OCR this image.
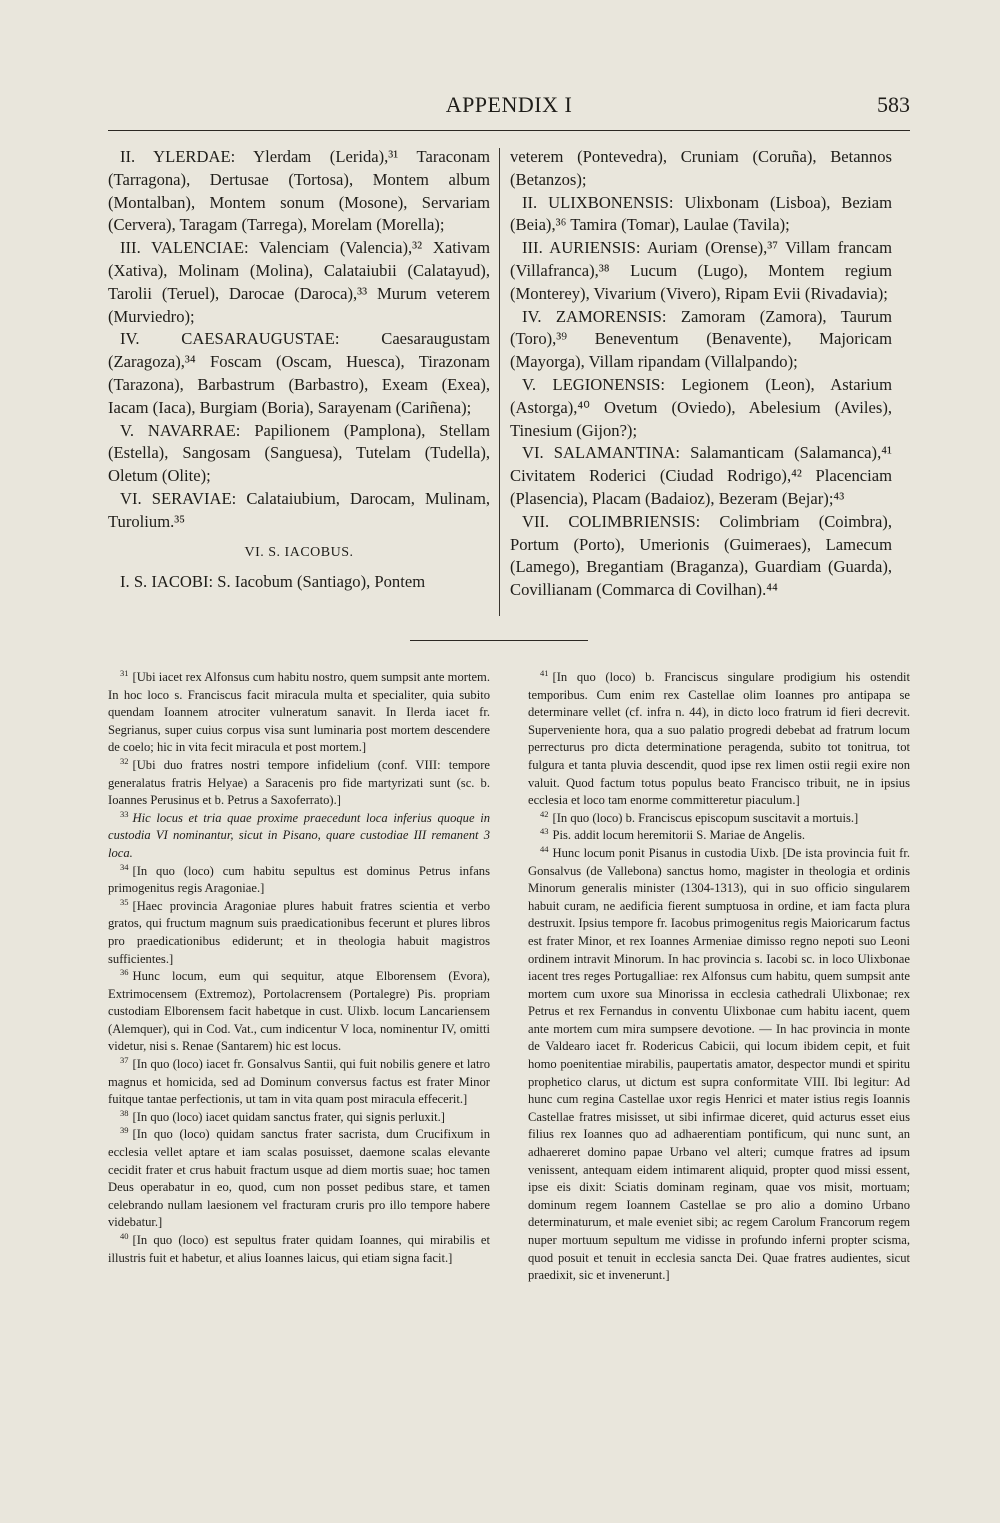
APPENDIX I	583

II. YLERDAE: Ylerdam (Lerida),³¹ Taraconam (Tarragona), Dertusae (Tortosa), Montem album (Montalban), Montem sonum (Mosone), Servariam (Cervera), Taragam (Tarrega), Morelam (Morella);

III. VALENCIAE: Valenciam (Valencia),³² Xativam (Xativa), Molinam (Molina), Calataiubii (Calatayud), Tarolii (Teruel), Darocae (Daroca),³³ Murum veterem (Murviedro);

IV. CAESARAUGUSTAE: Caesaraugustam (Zaragoza),³⁴ Foscam (Oscam, Huesca), Tirazonam (Tarazona), Barbastrum (Barbastro), Exeam (Exea), Iacam (Iaca), Burgiam (Boria), Sarayenam (Cariñena);

V. NAVARRAE: Papilionem (Pamplona), Stellam (Estella), Sangosam (Sanguesa), Tutelam (Tudella), Oletum (Olite);

VI. SERAVIAE: Calataiubium, Darocam, Mulinam, Turolium.³⁵

VI. S. IACOBUS.

I. S. IACOBI: S. Iacobum (Santiago), Pontem

veterem (Pontevedra), Cruniam (Coruña), Betannos (Betanzos);

II. ULIXBONENSIS: Ulixbonam (Lisboa), Beziam (Beia),³⁶ Tamira (Tomar), Laulae (Tavila);

III. AURIENSIS: Auriam (Orense),³⁷ Villam francam (Villafranca),³⁸ Lucum (Lugo), Montem regium (Monterey), Vivarium (Vivero), Ripam Evii (Rivadavia);

IV. ZAMORENSIS: Zamoram (Zamora), Taurum (Toro),³⁹ Beneventum (Benavente), Majoricam (Mayorga), Villam ripandam (Villalpando);

V. LEGIONENSIS: Legionem (Leon), Astarium (Astorga),⁴⁰ Ovetum (Oviedo), Abelesium (Aviles), Tinesium (Gijon?);

VI. SALAMANTINA: Salamanticam (Salamanca),⁴¹ Civitatem Roderici (Ciudad Rodrigo),⁴² Placenciam (Plasencia), Placam (Badaioz), Bezeram (Bejar);⁴³

VII. COLIMBRIENSIS: Colimbriam (Coimbra), Portum (Porto), Umerionis (Guimeraes), Lamecum (Lamego), Bregantiam (Braganza), Guardiam (Guarda), Covillianam (Commarca di Covilhan).⁴⁴

$^{31}$ [Ubi iacet rex Alfonsus cum habitu nostro, quem sumpsit ante mortem. In hoc loco s. Franciscus facit miracula multa et specialiter, quia subito quendam Ioannem atrociter vulneratum sanavit. In Ilerda iacet fr. Segrianus, super cuius corpus visa sunt luminaria post mortem descendere de coelo; hic in vita fecit miracula et post mortem.]

$^{32}$ [Ubi duo fratres nostri tempore infidelium (conf. VIII: tempore generalatus fratris Helyae) a Saracenis pro fide martyrizati sunt (sc. b. Ioannes Perusinus et b. Petrus a Saxoferrato).]

$^{33}$ Hic locus et tria quae proxime praecedunt loca inferius quoque in custodia VI nominantur, sicut in Pisano, quare custodiae III remanent 3 loca.

$^{34}$ [In quo (loco) cum habitu sepultus est dominus Petrus infans primogenitus regis Aragoniae.]

$^{35}$ [Haec provincia Aragoniae plures habuit fratres scientia et verbo gratos, qui fructum magnum suis praedicationibus fecerunt et plures libros pro praedicationibus ediderunt; et in theologia habuit magistros sufficientes.]

$^{36}$ Hunc locum, eum qui sequitur, atque Elborensem (Evora), Extrimocensem (Extremoz), Portolacrensem (Portalegre) Pis. propriam custodiam Elborensem facit habetque in cust. Ulixb. locum Lancariensem (Alemquer), qui in Cod. Vat., cum indicentur V loca, nominentur IV, omitti videtur, nisi s. Renae (Santarem) hic est locus.

$^{37}$ [In quo (loco) iacet fr. Gonsalvus Santii, qui fuit nobilis genere et latro magnus et homicida, sed ad Dominum conversus factus est frater Minor fuitque tantae perfectionis, ut tam in vita quam post miracula effecerit.]

$^{38}$ [In quo (loco) iacet quidam sanctus frater, qui signis perluxit.]

$^{39}$ [In quo (loco) quidam sanctus frater sacrista, dum Crucifixum in ecclesia vellet aptare et iam scalas posuisset, daemone scalas elevante cecidit frater et crus habuit fractum usque ad diem mortis suae; hoc tamen Deus operabatur in eo, quod, cum non posset pedibus stare, et tamen celebrando nullam laesionem vel fracturam cruris pro illo tempore habere videbatur.]

$^{40}$ [In quo (loco) est sepultus frater quidam Ioannes, qui mirabilis et illustris fuit et habetur, et alius Ioannes laicus, qui etiam signa facit.]

$^{41}$ [In quo (loco) b. Franciscus singulare prodigium his ostendit temporibus. Cum enim rex Castellae olim Ioannes pro antipapa se determinare vellet (cf. infra n. 44), in dicto loco fratrum id fieri decrevit. Superveniente hora, qua a suo palatio progredi debebat ad fratrum locum perrecturus pro dicta determinatione peragenda, subito tot tonitrua, tot fulgura et tanta pluvia descendit, quod ipse rex limen ostii regii exire non valuit. Quod factum totus populus beato Francisco tribuit, ne in ipsius ecclesia et loco tam enorme committeretur piaculum.]

$^{42}$ [In quo (loco) b. Franciscus episcopum suscitavit a mortuis.]

$^{43}$ Pis. addit locum heremitorii S. Mariae de Angelis.

$^{44}$ Hunc locum ponit Pisanus in custodia Uixb. [De ista provincia fuit fr. Gonsalvus (de Vallebona) sanctus homo, magister in theologia et ordinis Minorum generalis minister (1304-1313), qui in suo officio singularem habuit curam, ne aedificia fierent sumptuosa in ordine, et iam facta plura destruxit. Ipsius tempore fr. Iacobus primogenitus regis Maioricarum factus est frater Minor, et rex Ioannes Armeniae dimisso regno nepoti suo Leoni ordinem intravit Minorum. In hac provincia s. Iacobi sc. in loco Ulixbonae iacent tres reges Portugalliae: rex Alfonsus cum habitu, quem sumpsit ante mortem cum uxore sua Minorissa in ecclesia cathedrali Ulixbonae; rex Petrus et rex Fernandus in conventu Ulixbonae cum habitu iacent, quem ante mortem cum mira sumpsere devotione. — In hac provincia in monte de Valdearo iacet fr. Rodericus Cabicii, qui locum ibidem cepit, et fuit homo poenitentiae mirabilis, paupertatis amator, despector mundi et spiritu prophetico clarus, ut dictum est supra conformitate VIII. Ibi legitur: Ad hunc cum regina Castellae uxor regis Henrici et mater istius regis Ioannis Castellae fratres misisset, ut sibi infirmae diceret, quid acturus esset eius filius rex Ioannes quo ad adhaerentiam pontificum, qui nunc sunt, an adhaereret domino papae Urbano vel alteri; cumque fratres ad ipsum venissent, antequam eidem intimarent aliquid, propter quod missi essent, ipse eis dixit: Sciatis dominam reginam, quae vos misit, mortuam; dominum regem Ioannem Castellae se pro alio a domino Urbano determinaturum, et male eveniet sibi; ac regem Carolum Francorum regem nuper mortuum sepultum me vidisse in profundo inferni propter scisma, quod posuit et tenuit in ecclesia sancta Dei. Quae fratres audientes, sicut praedixit, sic et invenerunt.]
